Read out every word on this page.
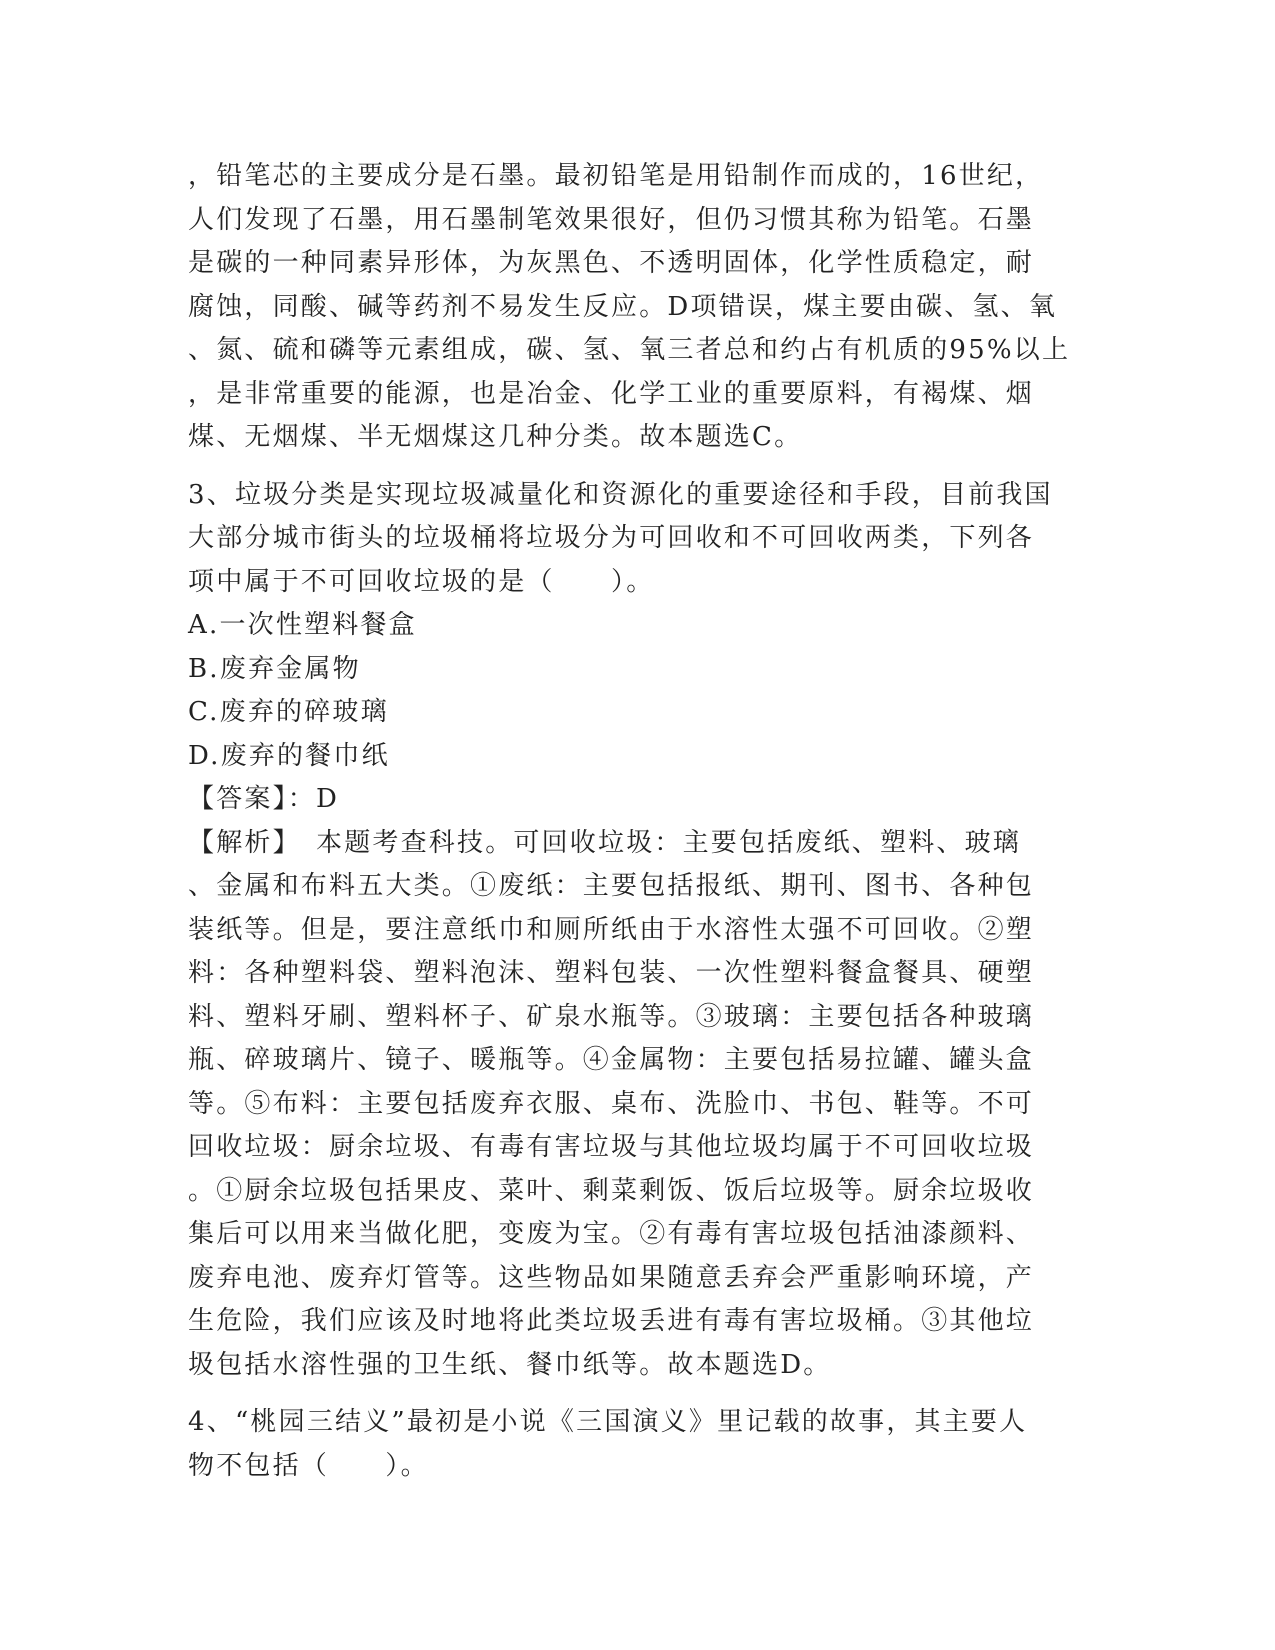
，铅笔芯的主要成分是石墨。最初铅笔是用铅制作而成的，16世纪，
人们发现了石墨，用石墨制笔效果很好，但仍习惯其称为铅笔。石墨
是碳的一种同素异形体，为灰黑色、不透明固体，化学性质稳定，耐
腐蚀，同酸、碱等药剂不易发生反应。D项错误，煤主要由碳、氢、氧
、氮、硫和磷等元素组成，碳、氢、氧三者总和约占有机质的95%以上
，是非常重要的能源，也是冶金、化学工业的重要原料，有褐煤、烟
煤、无烟煤、半无烟煤这几种分类。故本题选C。
3、垃圾分类是实现垃圾减量化和资源化的重要途径和手段，目前我国
大部分城市街头的垃圾桶将垃圾分为可回收和不可回收两类，下列各
项中属于不可回收垃圾的是（　　）。
A.一次性塑料餐盒
B.废弃金属物
C.废弃的碎玻璃
D.废弃的餐巾纸
【答案】：D
【解析】　本题考查科技。可回收垃圾：主要包括废纸、塑料、玻璃
、金属和布料五大类。①废纸：主要包括报纸、期刊、图书、各种包
装纸等。但是，要注意纸巾和厕所纸由于水溶性太强不可回收。②塑
料：各种塑料袋、塑料泡沫、塑料包装、一次性塑料餐盒餐具、硬塑
料、塑料牙刷、塑料杯子、矿泉水瓶等。③玻璃：主要包括各种玻璃
瓶、碎玻璃片、镜子、暖瓶等。④金属物：主要包括易拉罐、罐头盒
等。⑤布料：主要包括废弃衣服、桌布、洗脸巾、书包、鞋等。不可
回收垃圾：厨余垃圾、有毒有害垃圾与其他垃圾均属于不可回收垃圾
。①厨余垃圾包括果皮、菜叶、剩菜剩饭、饭后垃圾等。厨余垃圾收
集后可以用来当做化肥，变废为宝。②有毒有害垃圾包括油漆颜料、
废弃电池、废弃灯管等。这些物品如果随意丢弃会严重影响环境，产
生危险，我们应该及时地将此类垃圾丢进有毒有害垃圾桶。③其他垃
圾包括水溶性强的卫生纸、餐巾纸等。故本题选D。
4、“桃园三结义”最初是小说《三国演义》里记载的故事，其主要人
物不包括（　　）。
